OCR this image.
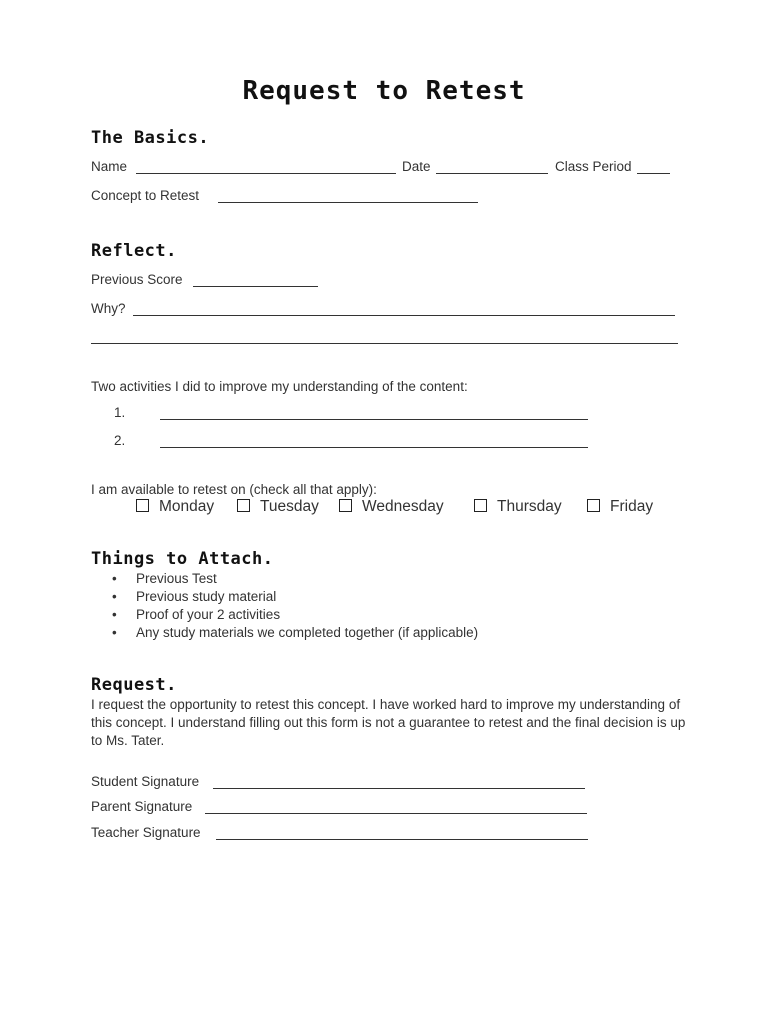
Request to Retest
The Basics.
Name	Date	Class Period
Concept to Retest
Reflect.
Previous Score
Why?
Two activities I did to improve my understanding of the content:
1.
2.
I am available to retest on (check all that apply):
Monday	Tuesday	Wednesday	Thursday	Friday
Things to Attach.
• Previous Test
• Previous study material
• Proof of your 2 activities
• Any study materials we completed together (if applicable)
Request.
I request the opportunity to retest this concept. I have worked hard to improve my understanding of this concept. I understand filling out this form is not a guarantee to retest and the final decision is up to Ms. Tater.
Student Signature
Parent Signature
Teacher Signature
